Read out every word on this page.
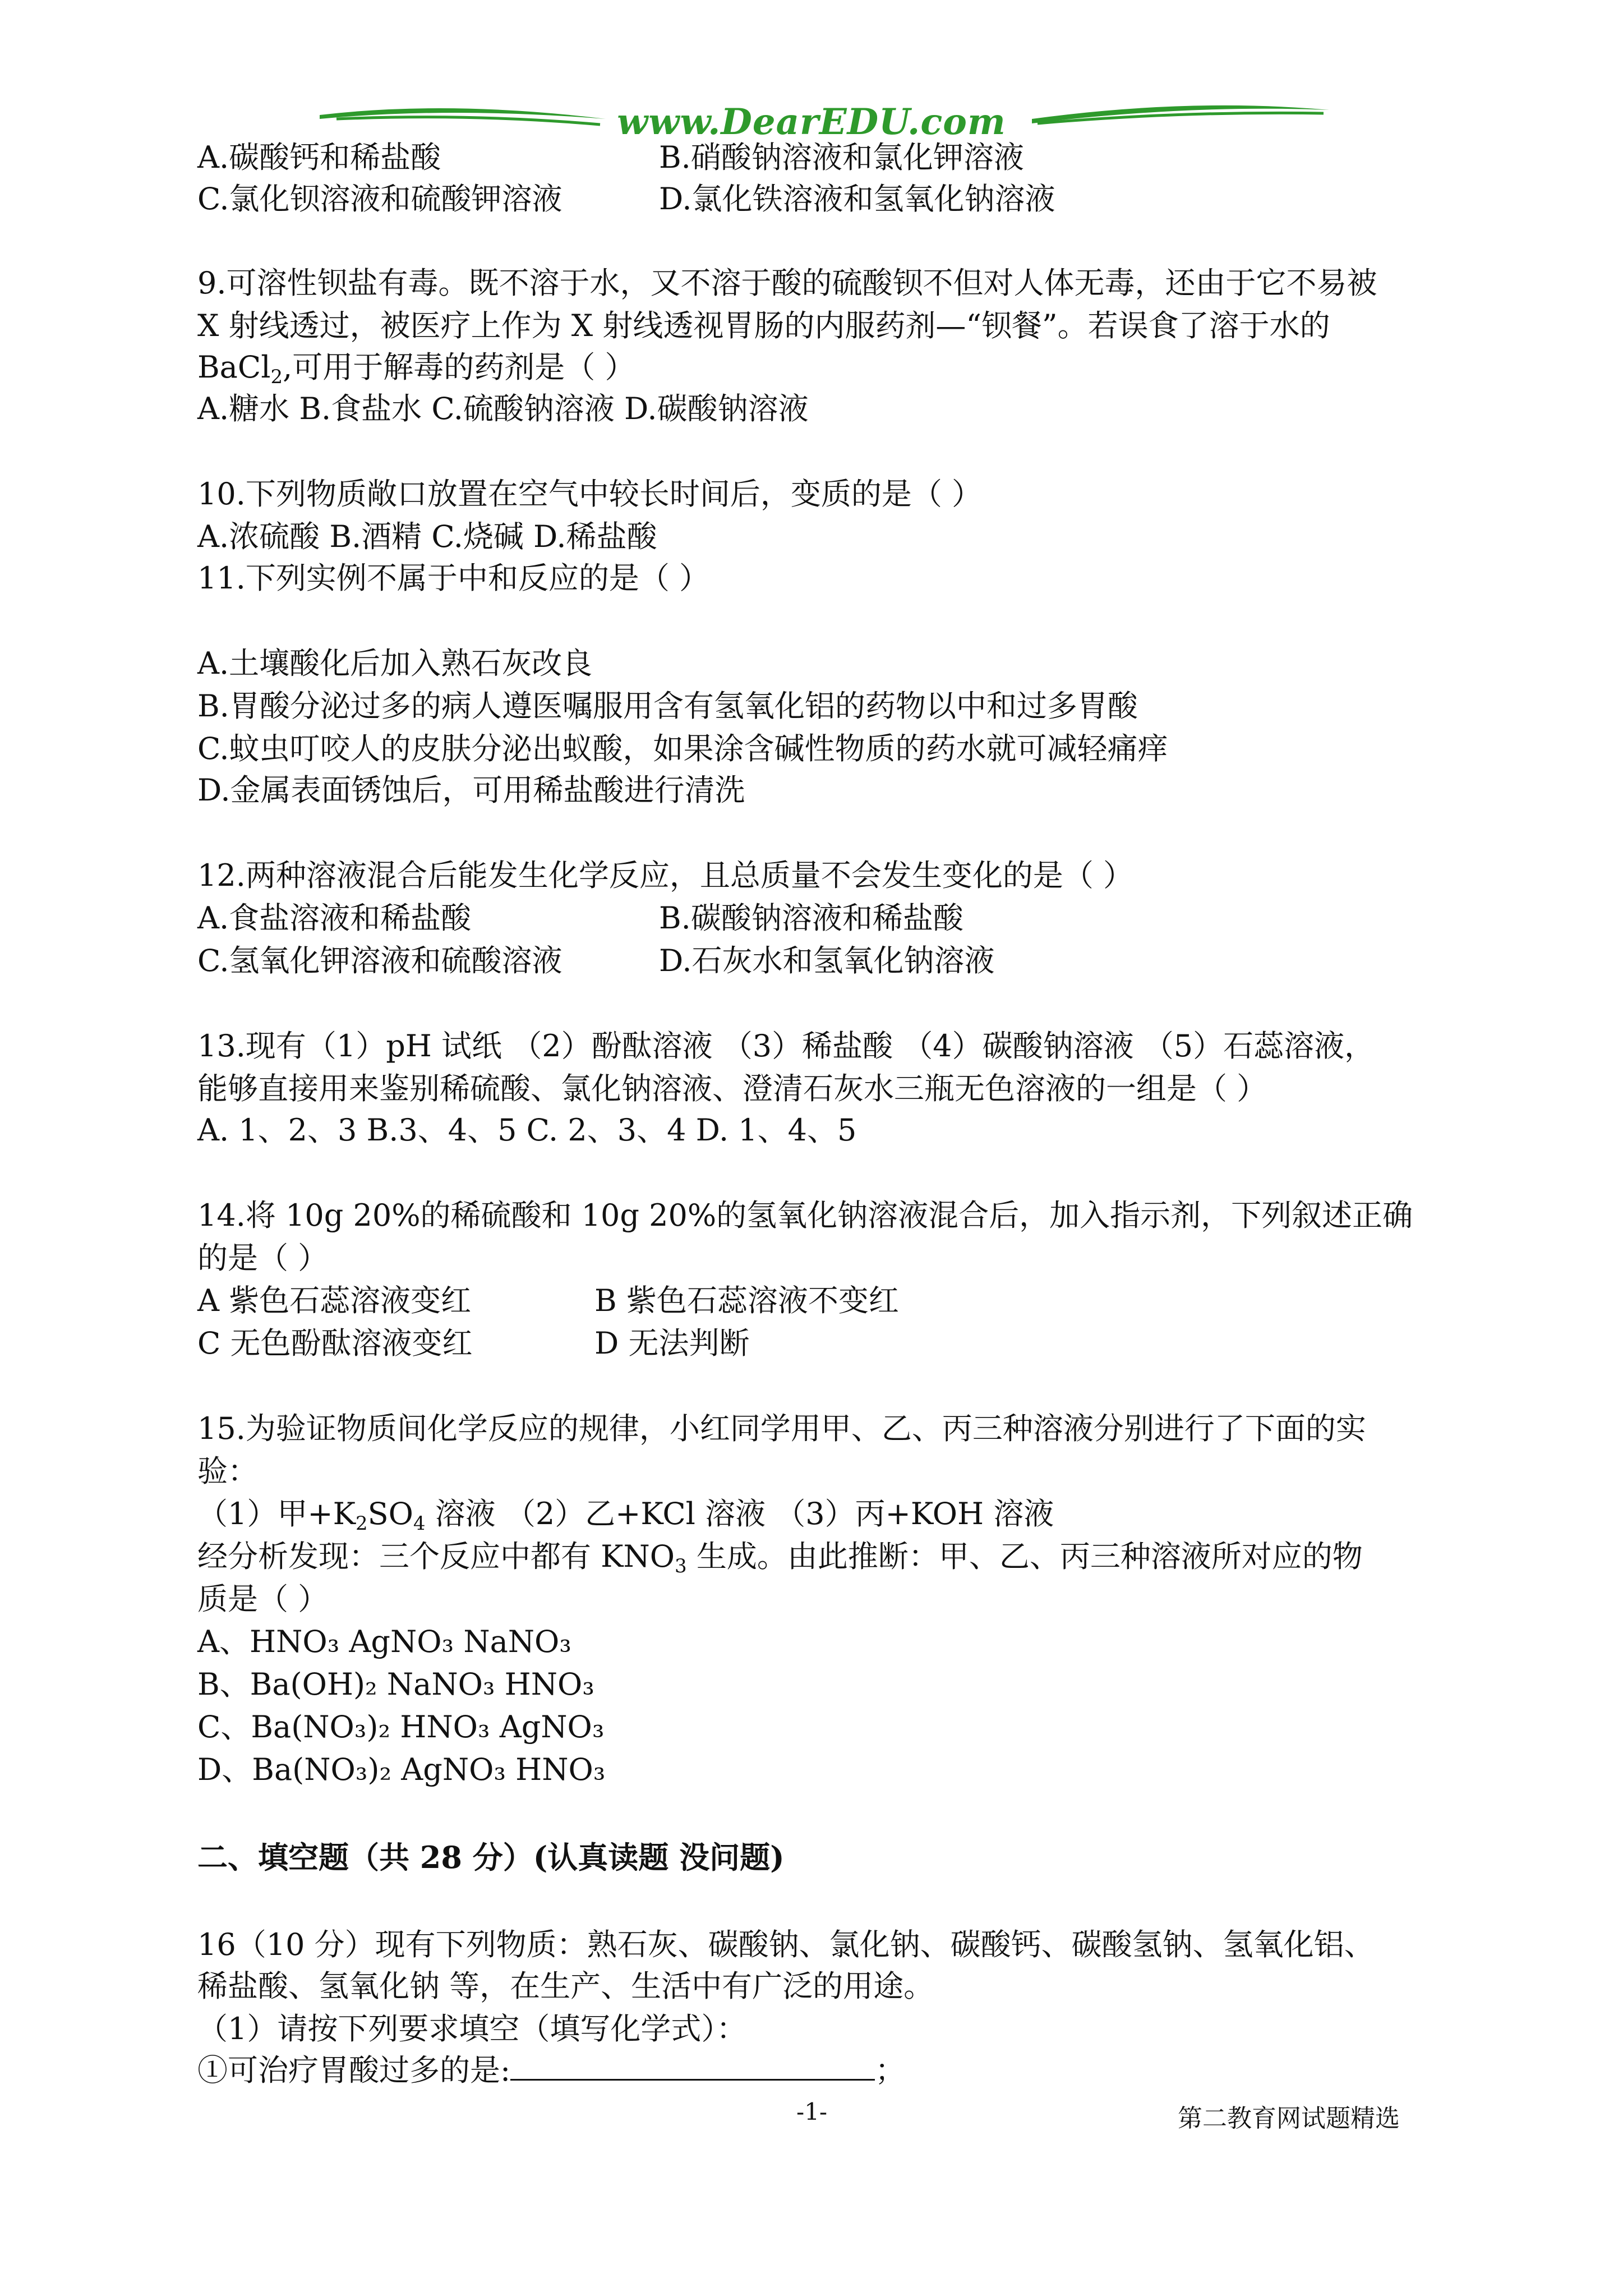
www.DearEDU.com
A.碳酸钙和稀盐酸	B.硝酸钠溶液和氯化钾溶液
C.氯化钡溶液和硫酸钾溶液	D.氯化铁溶液和氢氧化钠溶液
9.可溶性钡盐有毒。既不溶于水，又不溶于酸的硫酸钡不但对人体无毒，还由于它不易被
X 射线透过，被医疗上作为 X 射线透视胃肠的内服药剂—“钡餐”。若误食了溶于水的
BaCl$_2$,可用于解毒的药剂是（ ）
A.糖水 B.食盐水 C.硫酸钠溶液 D.碳酸钠溶液
10.下列物质敞口放置在空气中较长时间后，变质的是（ ）
A.浓硫酸 B.酒精 C.烧碱 D.稀盐酸
11.下列实例不属于中和反应的是（ ）
A.土壤酸化后加入熟石灰改良
B.胃酸分泌过多的病人遵医嘱服用含有氢氧化铝的药物以中和过多胃酸
C.蚊虫叮咬人的皮肤分泌出蚁酸，如果涂含碱性物质的药水就可减轻痛痒
D.金属表面锈蚀后，可用稀盐酸进行清洗
12.两种溶液混合后能发生化学反应，且总质量不会发生变化的是（ ）
A.食盐溶液和稀盐酸	B.碳酸钠溶液和稀盐酸
C.氢氧化钾溶液和硫酸溶液	D.石灰水和氢氧化钠溶液
13.现有（1）pH 试纸 （2）酚酞溶液 （3）稀盐酸 （4）碳酸钠溶液 （5）石蕊溶液，
能够直接用来鉴别稀硫酸、氯化钠溶液、澄清石灰水三瓶无色溶液的一组是（ ）
A. 1、2、3 B.3、4、5 C. 2、3、4 D. 1、4、5
14.将 10g 20%的稀硫酸和 10g 20%的氢氧化钠溶液混合后，加入指示剂，下列叙述正确
的是（ ）
A 紫色石蕊溶液变红	B 紫色石蕊溶液不变红
C 无色酚酞溶液变红	D 无法判断
15.为验证物质间化学反应的规律，小红同学用甲、乙、丙三种溶液分别进行了下面的实
验：
（1）甲$+K_2SO_4$ 溶液 （2）乙+KCl 溶液 （3）丙+KOH 溶液
经分析发现：三个反应中都有 $KNO_3$ 生成。由此推断：甲、乙、丙三种溶液所对应的物
质是（ ）
A、HNO₃ AgNO₃ NaNO₃
B、Ba(OH)₂ NaNO₃ HNO₃
C、Ba(NO₃)₂ HNO₃ AgNO₃
D、Ba(NO₃)₂ AgNO₃ HNO₃
二、填空题（共 28 分）(认真读题 没问题)
16（10 分）现有下列物质：熟石灰、碳酸钠、氯化钠、碳酸钙、碳酸氢钠、氢氧化铝、
稀盐酸、氢氧化钠 等，在生产、生活中有广泛的用途。
（1）请按下列要求填空（填写化学式）：
①可治疗胃酸过多的是:	；
-1-	第二教育网试题精选
